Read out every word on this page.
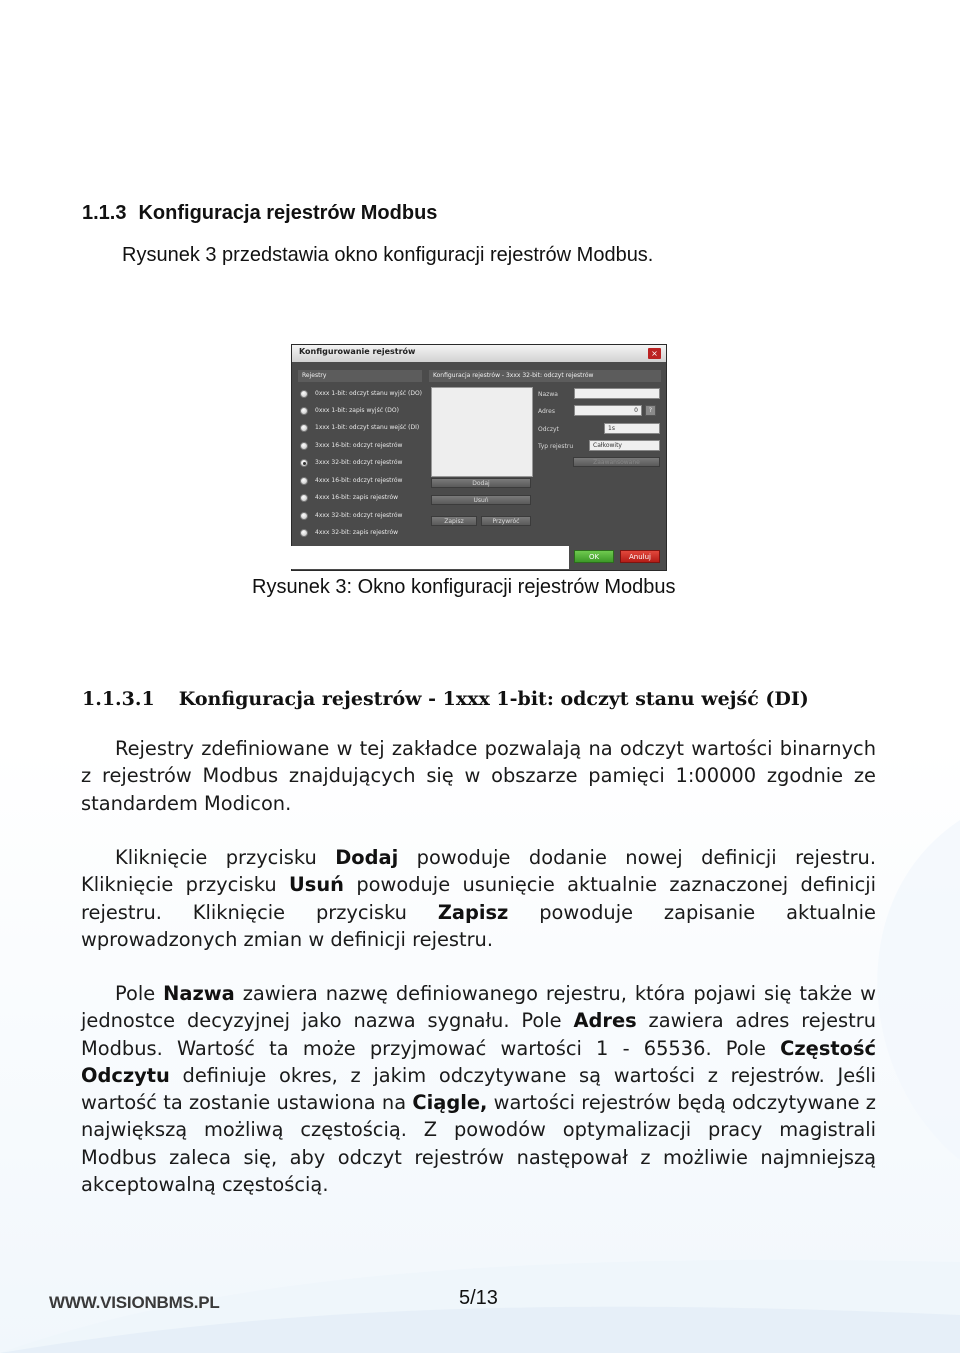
1.1.3 Konfiguracja rejestrów Modbus
Rysunek 3 przedstawia okno konfiguracji rejestrów Modbus.
Konfigurowanie rejestrów	×
Rejestry	Konfiguracja rejestrów - 3xxx 32-bit: odczyt rejestrów
0xxx 1-bit: odczyt stanu wyjść (DO)
0xxx 1-bit: zapis wyjść (DO)
1xxx 1-bit: odczyt stanu wejść (DI)
3xxx 16-bit: odczyt rejestrów
3xxx 32-bit: odczyt rejestrów
4xxx 16-bit: odczyt rejestrów
4xxx 16-bit: zapis rejestrów
4xxx 32-bit: odczyt rejestrów
4xxx 32-bit: zapis rejestrów
Dodaj
Usuń
Zapisz	Przywróć
Nazwa
Adres	0	?
Odczyt	1s
Typ rejestru	Całkowity
Zaawansowane
OK	Anuluj
Rysunek 3: Okno konfiguracji rejestrów Modbus
1.1.3.1 Konfiguracja rejestrów - 1xxx 1-bit: odczyt stanu wejść (DI)
Rejestry zdefiniowane w tej zakładce pozwalają na odczyt wartości binarnych z rejestrów Modbus znajdujących się w obszarze pamięci 1:00000 zgodnie ze standardem Modicon.
Kliknięcie przycisku Dodaj powoduje dodanie nowej definicji rejestru. Kliknięcie przycisku Usuń powoduje usunięcie aktualnie zaznaczonej definicji rejestru. Kliknięcie przycisku Zapisz powoduje zapisanie aktualnie wprowadzonych zmian w definicji rejestru.
Pole Nazwa zawiera nazwę definiowanego rejestru, która pojawi się także w jednostce decyzyjnej jako nazwa sygnału. Pole Adres zawiera adres rejestru Modbus. Wartość ta może przyjmować wartości 1 - 65536. Pole Częstość Odczytu definiuje okres, z jakim odczytywane są wartości z rejestrów. Jeśli wartość ta zostanie ustawiona na Ciągle, wartości rejestrów będą odczytywane z największą możliwą częstością. Z powodów optymalizacji pracy magistrali Modbus zaleca się, aby odczyt rejestrów następował z możliwie najmniejszą akceptowalną częstością.
WWW.VISIONBMS.PL	5/13
